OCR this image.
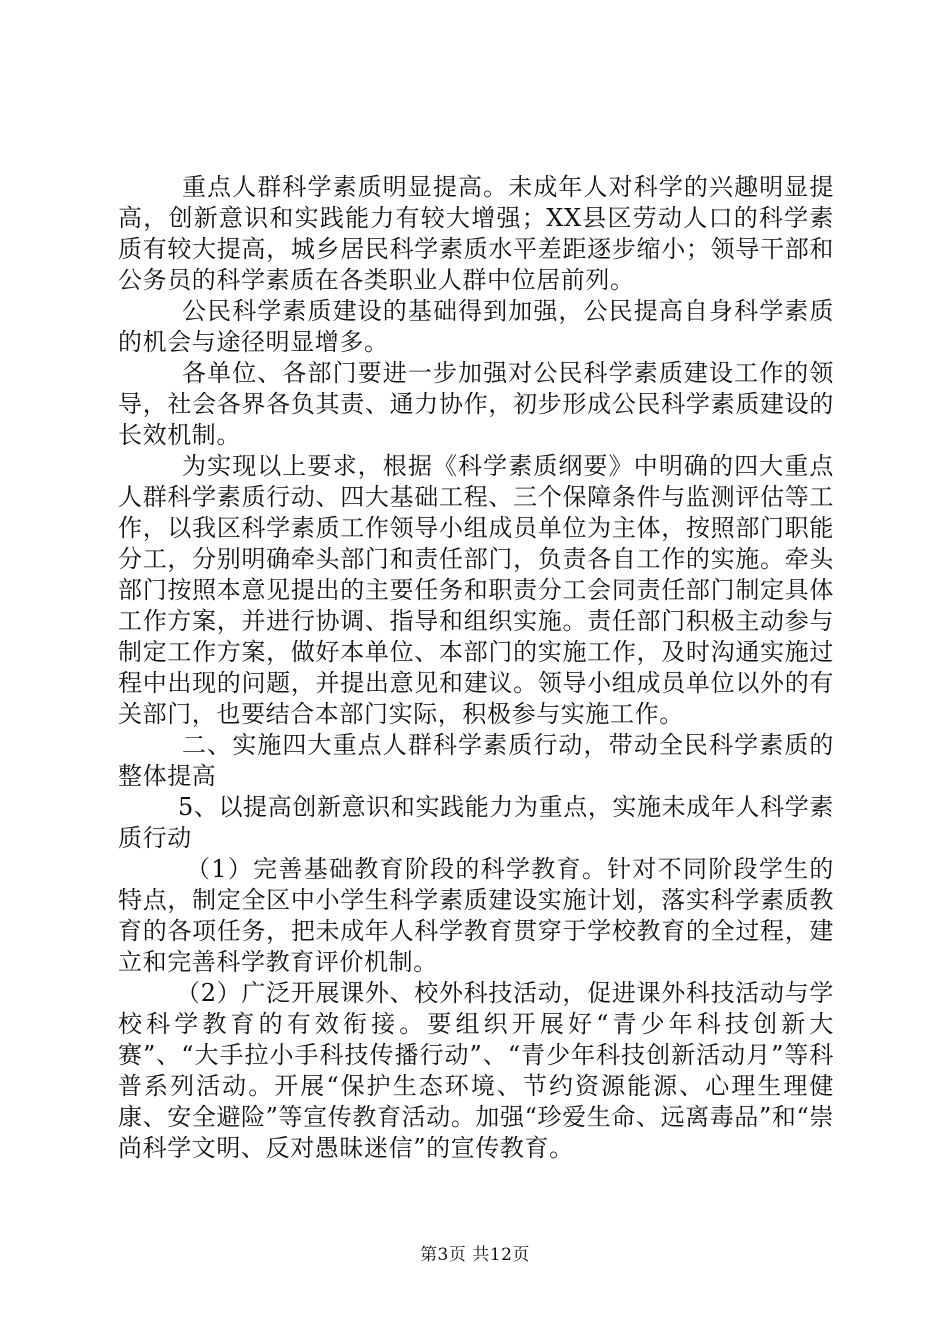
重点人群科学素质明显提高。未成年人对科学的兴趣明显提高，创新意识和实践能力有较大增强；XX县区劳动人口的科学素质有较大提高，城乡居民科学素质水平差距逐步缩小；领导干部和公务员的科学素质在各类职业人群中位居前列。

公民科学素质建设的基础得到加强，公民提高自身科学素质的机会与途径明显增多。

各单位、各部门要进一步加强对公民科学素质建设工作的领导，社会各界各负其责、通力协作，初步形成公民科学素质建设的长效机制。

为实现以上要求，根据《科学素质纲要》中明确的四大重点人群科学素质行动、四大基础工程、三个保障条件与监测评估等工作，以我区科学素质工作领导小组成员单位为主体，按照部门职能分工，分别明确牵头部门和责任部门，负责各自工作的实施。牵头部门按照本意见提出的主要任务和职责分工会同责任部门制定具体工作方案，并进行协调、指导和组织实施。责任部门积极主动参与制定工作方案，做好本单位、本部门的实施工作，及时沟通实施过程中出现的问题，并提出意见和建议。领导小组成员单位以外的有关部门，也要结合本部门实际，积极参与实施工作。

二、实施四大重点人群科学素质行动，带动全民科学素质的整体提高

5、以提高创新意识和实践能力为重点，实施未成年人科学素质行动

（1）完善基础教育阶段的科学教育。针对不同阶段学生的特点，制定全区中小学生科学素质建设实施计划，落实科学素质教育的各项任务，把未成年人科学教育贯穿于学校教育的全过程，建立和完善科学教育评价机制。

（2）广泛开展课外、校外科技活动，促进课外科技活动与学校科学教育的有效衔接。要组织开展好“青少年科技创新大赛”、“大手拉小手科技传播行动”、“青少年科技创新活动月”等科普系列活动。开展“保护生态环境、节约资源能源、心理生理健康、安全避险”等宣传教育活动。加强“珍爱生命、远离毒品”和“崇尚科学文明、反对愚昧迷信”的宣传教育。

第3页 共12页
